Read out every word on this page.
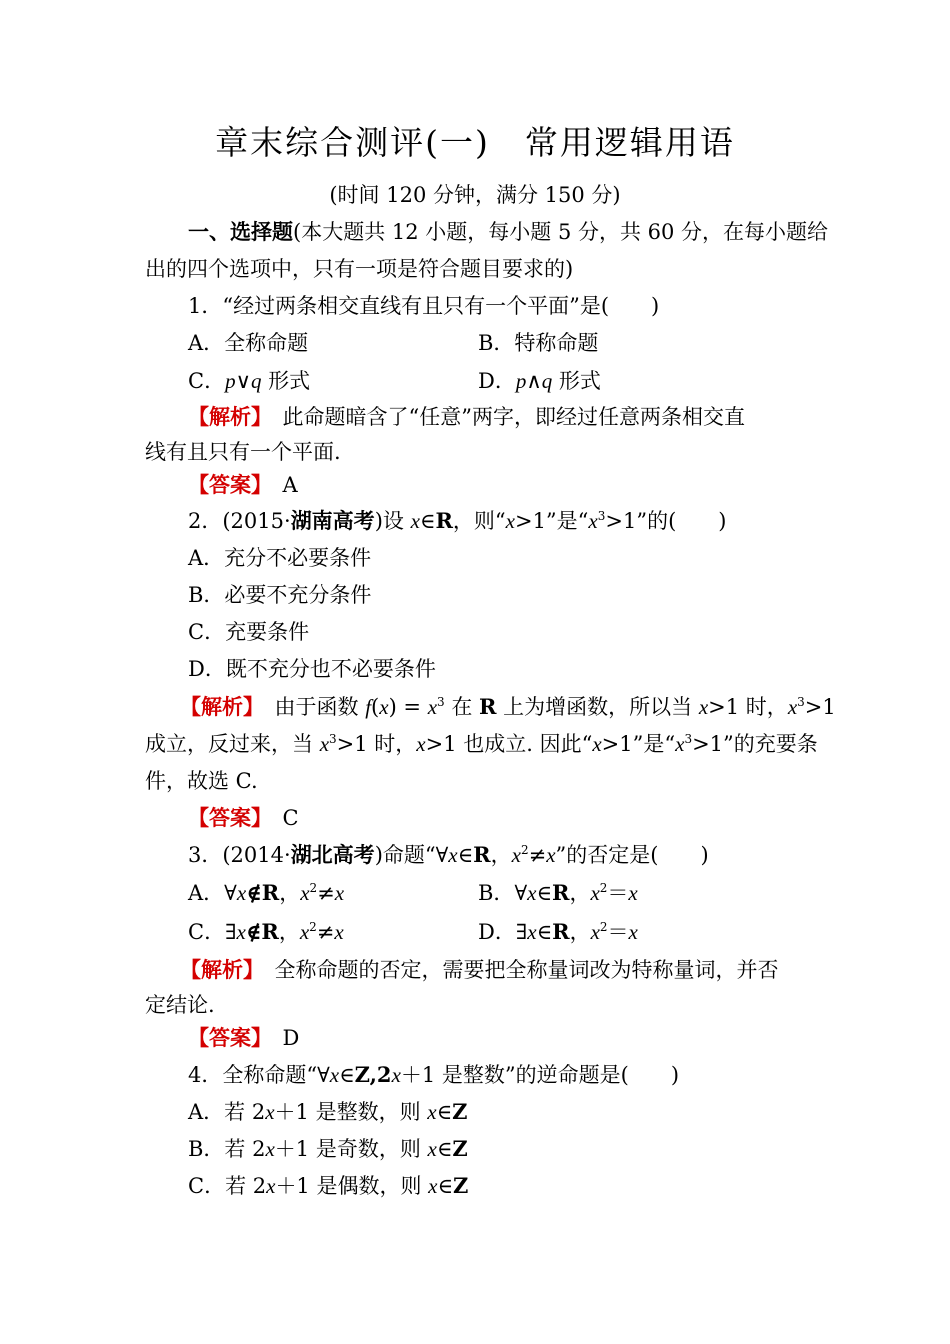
章末综合测评(一)　常用逻辑用语
(时间 120 分钟，满分 150 分)
一、选择题(本大题共 12 小题，每小题 5 分，共 60 分，在每小题给
出的四个选项中，只有一项是符合题目要求的)
1．“经过两条相交直线有且只有一个平面”是(　　)
A．全称命题	B．特称命题
C．p∨q 形式	D．p∧q 形式
【解析】　此命题暗含了“任意”两字，即经过任意两条相交直
线有且只有一个平面.
【答案】　 A
2．(2015·湖南高考)设 x∈R，则“x>1”是“$x^3>1$”的(　　)
A．充分不必要条件
B．必要不充分条件
C．充要条件
D．既不充分也不必要条件
【解析】　由于函数 $f(x) = x^3$ 在 R 上为增函数，所以当 x>1 时，$x^3>1$
成立，反过来，当 $x^3>1$ 时，x>1 也成立. 因此“x>1”是“$x^3>1$”的充要条
件，故选 C.
【答案】　 C
3．(2014·湖北高考)命题“∀x∈R，$x^2\ne x$”的否定是(　　)
A．∀x∉R，$x^2\ne x$	B．∀x∈R，$x^2=x$
C．∃x∉R，$x^2\ne x$	D．∃x∈R，$x^2=x$
【解析】　全称命题的否定，需要把全称量词改为特称量词，并否
定结论.
【答案】　 D
4．全称命题“∀x∈Z,2x＋1 是整数”的逆命题是(　　)
A．若 2x＋1 是整数，则 x∈Z
B．若 2x＋1 是奇数，则 x∈Z
C．若 2x＋1 是偶数，则 x∈Z
